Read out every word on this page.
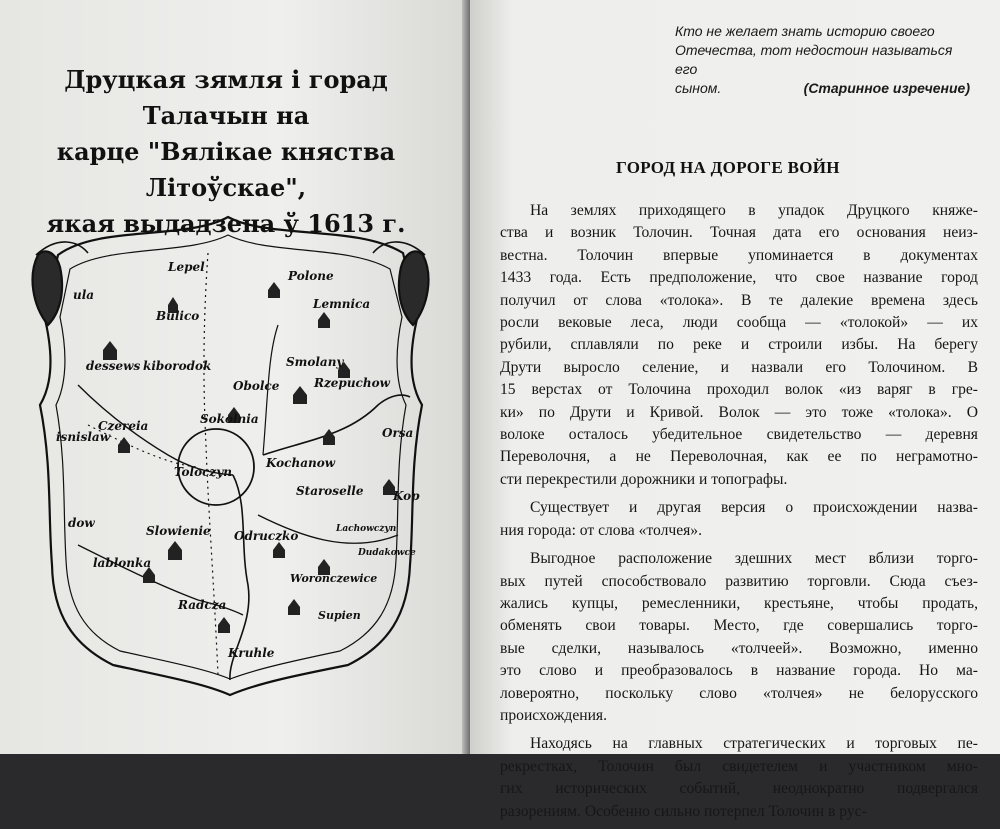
Друцкая зямля і горад Талачын на
карце "Вялікае княства Літоўскае",
якая выдадзена ў 1613 г.
Lepel
Polone
Lemnica
Bulico
ula
dessews kiborodok	Smolany
Obolce	Rzepuchow
Sokolnia
Czereia	Orsa
Toloczyn
Kochanow
Staroselle Kop
isnislaw
dow
Slowienie Odruczko	Lachowczyn
Dudakowce
lablonka
Woronczewice
Radcza
Supien
Kruhle
Кто не желает знать историю своего
Отечества, тот недостоин называться его
сыном.	(Старинное изречение)
ГОРОД НА ДОРОГЕ ВОЙН
На землях приходящего в упадок Друцкого княже-
ства и возник Толочин. Точная дата его основания неиз-
вестна. Толочин впервые упоминается в документах
1433 года. Есть предположение, что свое название город
получил от слова «толока». В те далекие времена здесь
росли вековые леса, люди сообща — «толокой» — их
рубили, сплавляли по реке и строили избы. На берегу
Друти выросло селение, и назвали его Толочином. В
15 верстах от Толочина проходил волок «из варяг в гре-
ки» по Друти и Кривой. Волок — это тоже «толока». О
волоке осталось убедительное свидетельство — деревня
Переволочня, а не Переволочная, как ее по неграмотно-
сти перекрестили дорожники и топографы.
Существует и другая версия о происхождении назва-
ния города: от слова «толчея».
Выгодное расположение здешних мест вблизи торго-
вых путей способствовало развитию торговли. Сюда съез-
жались купцы, ремесленники, крестьяне, чтобы продать,
обменять свои товары. Место, где совершались торго-
вые сделки, называлось «толчеей». Возможно, именно
это слово и преобразовалось в название города. Но ма-
ловероятно, поскольку слово «толчея» не белорусского
происхождения.
Находясь на главных стратегических и торговых пе-
рекрестках, Толочин был свидетелем и участником мно-
гих исторических событий, неоднократно подвергался
разорениям. Особенно сильно потерпел Толочин в рус-
